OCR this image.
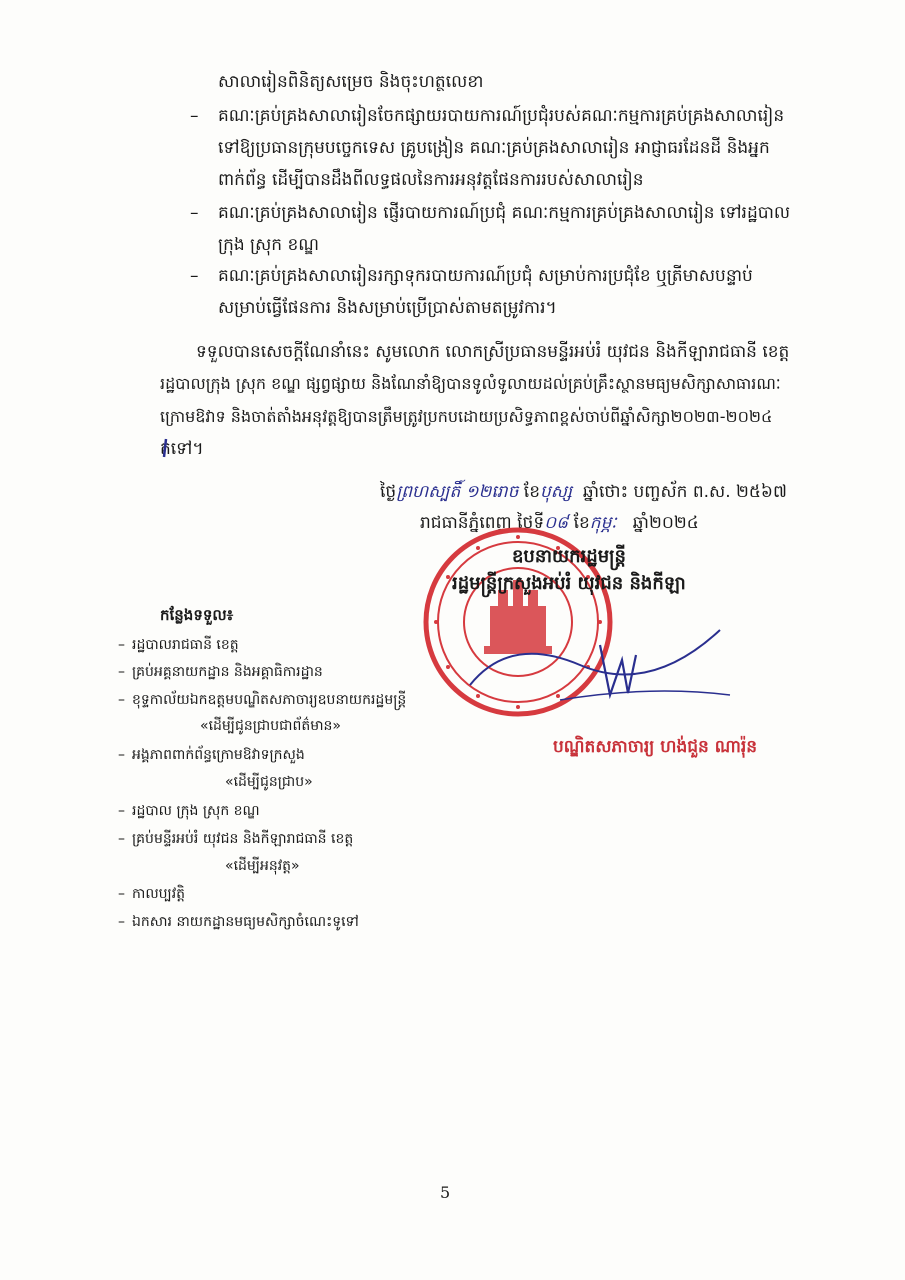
សាលារៀនពិនិត្យសម្រេច និងចុះហត្ថលេខា
– គណៈគ្រប់គ្រងសាលារៀនចែកផ្សាយរបាយការណ៍ប្រជុំរបស់គណៈកម្មការគ្រប់គ្រងសាលារៀន
ទៅឱ្យប្រធានក្រុមបច្ចេកទេស គ្រូបង្រៀន គណៈគ្រប់គ្រងសាលារៀន អាជ្ញាធរដែនដី និងអ្នក
ពាក់ព័ន្ធ ដើម្បីបានដឹងពីលទ្ធផលនៃការអនុវត្តផែនការរបស់សាលារៀន
– គណៈគ្រប់គ្រងសាលារៀន ផ្ញើរបាយការណ៍ប្រជុំ គណៈកម្មការគ្រប់គ្រងសាលារៀន ទៅរដ្ឋបាល
ក្រុង ស្រុក ខណ្ឌ
– គណៈគ្រប់គ្រងសាលារៀនរក្សាទុករបាយការណ៍ប្រជុំ សម្រាប់ការប្រជុំខែ ឬត្រីមាសបន្ទាប់
សម្រាប់ធ្វើផែនការ និងសម្រាប់ប្រើប្រាស់តាមតម្រូវការ។
ទទួលបានសេចក្ដីណែនាំនេះ សូមលោក លោកស្រីប្រធានមន្ទីរអប់រំ យុវជន និងកីឡារាជធានី ខេត្ត
រដ្ឋបាលក្រុង ស្រុក ខណ្ឌ ផ្សព្វផ្សាយ និងណែនាំឱ្យបានទូលំទូលាយដល់គ្រប់គ្រឹះស្ថានមធ្យមសិក្សាសាធារណៈ
ក្រោមឱវាទ និងចាត់តាំងអនុវត្តឱ្យបានត្រឹមត្រូវប្រកបដោយប្រសិទ្ធភាពខ្ពស់ចាប់ពីឆ្នាំសិក្សា២០២៣-២០២៤
តទៅ។
ថ្ងៃព្រហស្បតិ៍ ១២រោច ខែបុស្ស ឆ្នាំថោះ បញ្ចស័ក ព.ស. ២៥៦៧
រាជធានីភ្នំពេញ ថ្ងៃទី០៨ ខែកុម្ភៈ ឆ្នាំ២០២៤
ឧបនាយករដ្ឋមន្ត្រី
រដ្ឋមន្ត្រីក្រសួងអប់រំ យុវជន និងកីឡា
បណ្ឌិតសភាចារ្យ ហង់ជួន ណារ៉ុន
កន្លែងទទួល៖
– រដ្ឋបាលរាជធានី ខេត្ត
– គ្រប់អគ្គនាយកដ្ឋាន និងអគ្គាធិការដ្ឋាន
– ខុទ្ទកាល័យឯកឧត្តមបណ្ឌិតសភាចារ្យឧបនាយករដ្ឋមន្ត្រី
«ដើម្បីជូនជ្រាបជាព័ត៌មាន»
– អង្គភាពពាក់ព័ន្ធក្រោមឱវាទក្រសួង
«ដើម្បីជូនជ្រាប»
– រដ្ឋបាល ក្រុង ស្រុក ខណ្ឌ
– គ្រប់មន្ទីរអប់រំ យុវជន និងកីឡារាជធានី ខេត្ត
«ដើម្បីអនុវត្ត»
– កាលប្បវត្តិ
– ឯកសារ នាយកដ្ឋានមធ្យមសិក្សាចំណេះទូទៅ
5
